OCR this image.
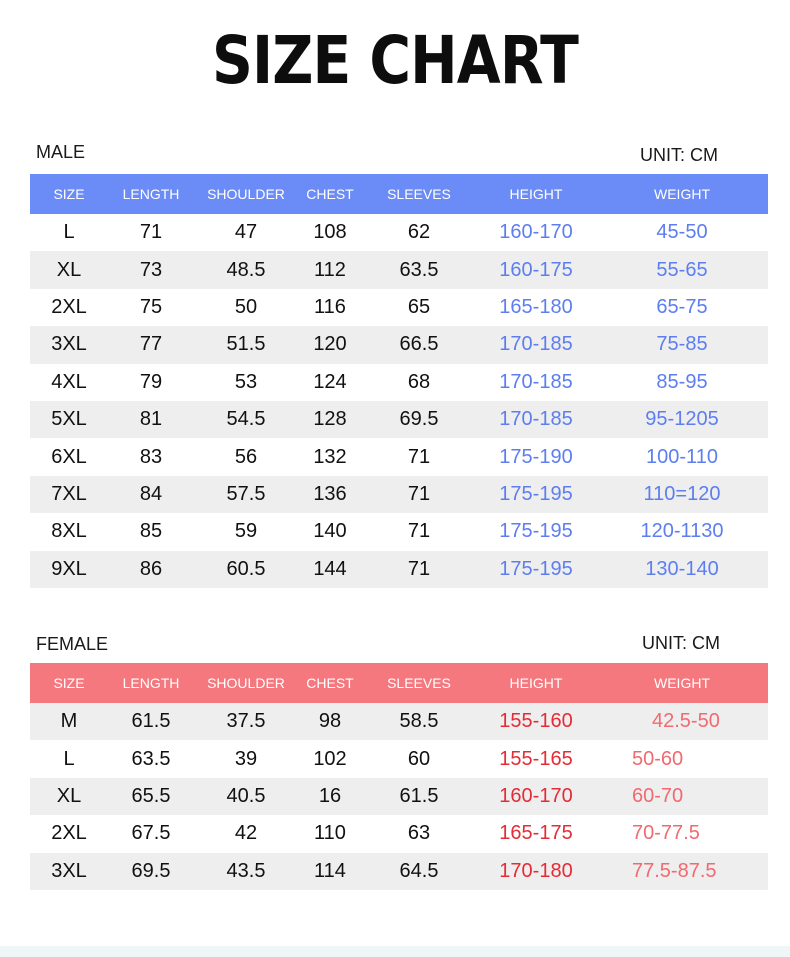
SIZE CHART
MALE	UNIT: CM
SIZE	LENGTH	SHOULDER	CHEST	SLEEVES	HEIGHT	WEIGHT
L	71	47	108	62	160-170	45-50
XL	73	48.5	112	63.5	160-175	55-65
2XL	75	50	116	65	165-180	65-75
3XL	77	51.5	120	66.5	170-185	75-85
4XL	79	53	124	68	170-185	85-95
5XL	81	54.5	128	69.5	170-185	95-1205
6XL	83	56	132	71	175-190	100-110
7XL	84	57.5	136	71	175-195	110=120
8XL	85	59	140	71	175-195	120-1130
9XL	86	60.5	144	71	175-195	130-140
FEMALE	UNIT: CM
SIZE	LENGTH	SHOULDER	CHEST	SLEEVES	HEIGHT	WEIGHT
M	61.5	37.5	98	58.5	155-160	42.5-50
L	63.5	39	102	60	155-165	50-60
XL	65.5	40.5	16	61.5	160-170	60-70
2XL	67.5	42	110	63	165-175	70-77.5
3XL	69.5	43.5	114	64.5	170-180	77.5-87.5
